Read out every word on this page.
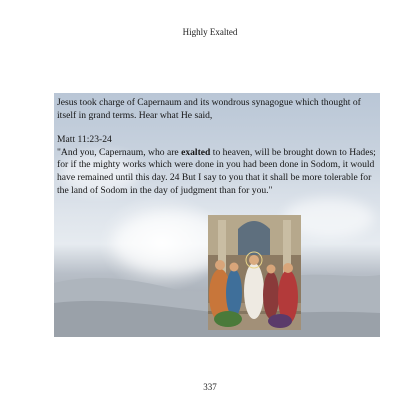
Highly Exalted

Jesus took charge of Capernaum and its wondrous synagogue which thought of itself in grand terms. Hear what He said,

Matt 11:23-24

"And you, Capernaum, who are exalted to heaven, will be brought down to Hades; for if the mighty works which were done in you had been done in Sodom, it would have remained until this day. 24 But I say to you that it shall be more tolerable for the land of Sodom in the day of judgment than for you."

337
